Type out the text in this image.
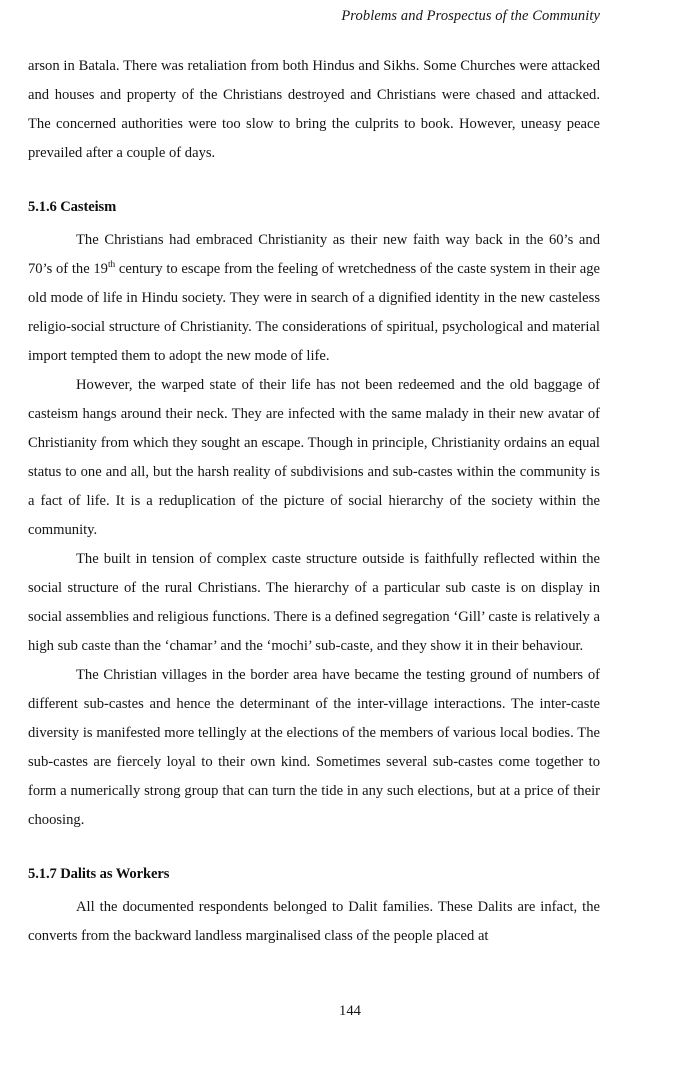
Problems and Prospectus of the Community

arson in Batala. There was retaliation from both Hindus and Sikhs. Some Churches were attacked and houses and property of the Christians destroyed and Christians were chased and attacked. The concerned authorities were too slow to bring the culprits to book. However, uneasy peace prevailed after a couple of days.

5.1.6 Casteism

The Christians had embraced Christianity as their new faith way back in the 60’s and 70’s of the 19th century to escape from the feeling of wretchedness of the caste system in their age old mode of life in Hindu society. They were in search of a dignified identity in the new casteless religio-social structure of Christianity. The considerations of spiritual, psychological and material import tempted them to adopt the new mode of life.

However, the warped state of their life has not been redeemed and the old baggage of casteism hangs around their neck. They are infected with the same malady in their new avatar of Christianity from which they sought an escape. Though in principle, Christianity ordains an equal status to one and all, but the harsh reality of subdivisions and sub-castes within the community is a fact of life. It is a reduplication of the picture of social hierarchy of the society within the community.

The built in tension of complex caste structure outside is faithfully reflected within the social structure of the rural Christians. The hierarchy of a particular sub caste is on display in social assemblies and religious functions. There is a defined segregation ‘Gill’ caste is relatively a high sub caste than the ‘chamar’ and the ‘mochi’ sub-caste, and they show it in their behaviour.

The Christian villages in the border area have became the testing ground of numbers of different sub-castes and hence the determinant of the inter-village interactions. The inter-caste diversity is manifested more tellingly at the elections of the members of various local bodies. The sub-castes are fiercely loyal to their own kind. Sometimes several sub-castes come together to form a numerically strong group that can turn the tide in any such elections, but at a price of their choosing.

5.1.7 Dalits as Workers

All the documented respondents belonged to Dalit families. These Dalits are infact, the converts from the backward landless marginalised class of the people placed at

144
